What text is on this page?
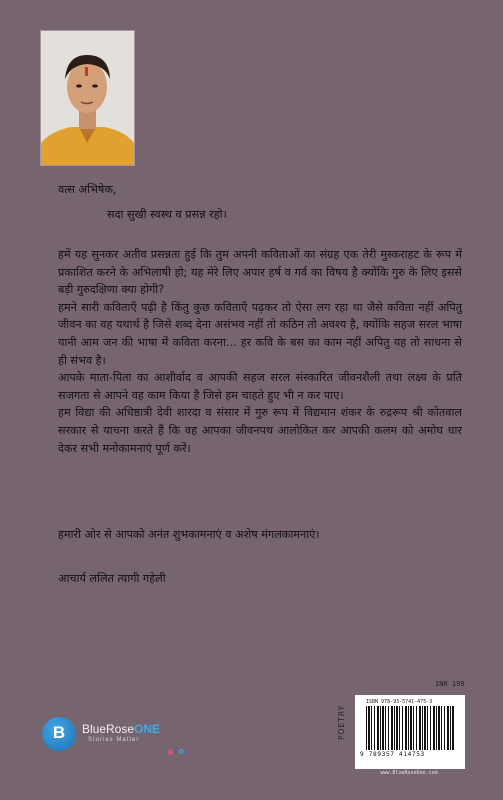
वत्स अभिषेक,
सदा सुखी स्वस्थ व प्रसन्न रहो।

हमें यह सुनकर अतीव प्रसन्नता हुई कि तुम अपनी कविताओं का संग्रह एक तेरी मुस्कराहट के रूप में प्रकाशित करने के अभिलाषी हो; यह मेरे लिए अपार हर्ष व गर्व का विषय है क्योंकि गुरु के लिए इससे बड़ी गुरुदक्षिणा क्या होगी?

हमने सारी कविताएँ पढ़ी है किंतु कुछ कविताएँ पढ़कर तो ऐसा लग रहा था जैसे कविता नहीं अपितु जीवन का वह यथार्थ है जिसे शब्द देना असंभव नहीं तो कठिन तो अवश्य है, क्योंकि सहज सरल भाषा यानी आम जन की भाषा में कविता करना... हर कवि के बस का काम नहीं अपितु यह तो साधना से ही संभव है।

आपके माता-पिता का आशीर्वाद व आपकी सहज सरल संस्कारित जीवनशैली तथा लक्ष्य के प्रति सजगता से आपने वह काम किया है जिसे हम चाहते हुए भी न कर पाए।

हम विद्या की अधिष्ठात्री देवी शारदा व संसार में गुरु रूप में विद्यमान शंकर के रुद्ररूप श्री कोतवाल सरकार से याचना करते हैं कि वह आपका जीवनपथ आलोकित कर आपकी कलम को अमोघ धार देकर सभी मनोकामनाएं पूर्ण करें।

हमारी ओर से आपको अनंत शुभकामनाएं व अशेष मंगलकामनाएं।
आचार्य ललित त्यागी गहेली
INR 199
POETRY
ISBN 978-93-5741-475-3
9 789357 414753
www.BlueRoseOne.com
B	BlueRoseONE
Stories Matter
▣f✿
